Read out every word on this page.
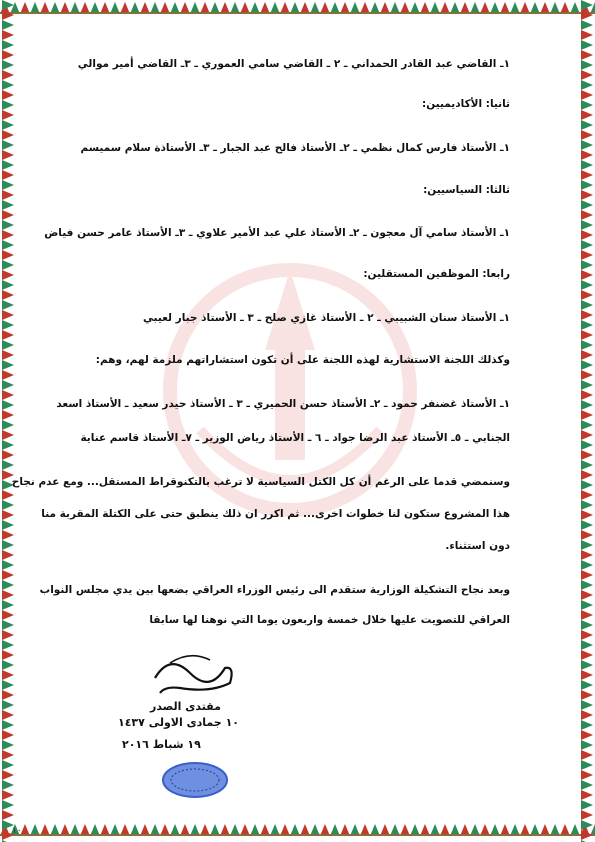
١ـ القاضي عبد القادر الحمداني ـ ٢ ـ القاضي سامي العموري ـ ٣ـ القاضي أمير موالي
ثانيا: الأكاديميين:
١ـ الأستاذ فارس كمال نظمي ـ ٢ـ الأستاذ فالح عبد الجبار ـ ٣ـ الأستاذة سلام سميسم
ثالثا: السياسيين:
١ـ الأستاذ سامي آل معجون ـ ٢ـ الأستاذ علي عبد الأمير علاوي ـ ٣ـ الأستاذ عامر حسن فياض
رابعا: الموظفين المستقلين:
١ـ الأستاذ سنان الشبيبي ـ ٢ ـ الأستاذ غازي صلح ـ ٣ ـ الأستاذ جبار لعيبي
وكذلك اللجنة الاستشارية لهذه اللجنة على أن تكون استشاراتهم ملزمة لهم، وهم:
١ـ الأستاذ غضنفر حمود ـ ٢ـ الأستاذ حسن الحميري ـ ٣ ـ الأستاذ حيدر سعيد ـ الأستاذ اسعد
الجنابي ـ ٥ـ الأستاذ عبد الرضا جواد ـ ٦ ـ الأستاذ رياض الوزير ـ ٧ـ الأستاذ قاسم عناية
وسنمضي قدما على الرغم أن كل الكتل السياسية لا ترغب بالتكنوقراط المستقل... ومع عدم نجاح
هذا المشروع ستكون لنا خطوات اخرى... ثم اكرر ان ذلك ينطبق حتى على الكتلة المقربة منا
دون استثناء.
وبعد نجاح التشكيلة الوزارية ستقدم الى رئيس الوزراء العراقي بضعها بين يدي مجلس النواب
العراقي للتصويت عليها خلال خمسة واربعون يوما التي نوهنا لها سابقا
مقتدى الصدر
١٠ جمادى الاولى ١٤٣٧
١٩ شباط ٢٠١٦
١٠
